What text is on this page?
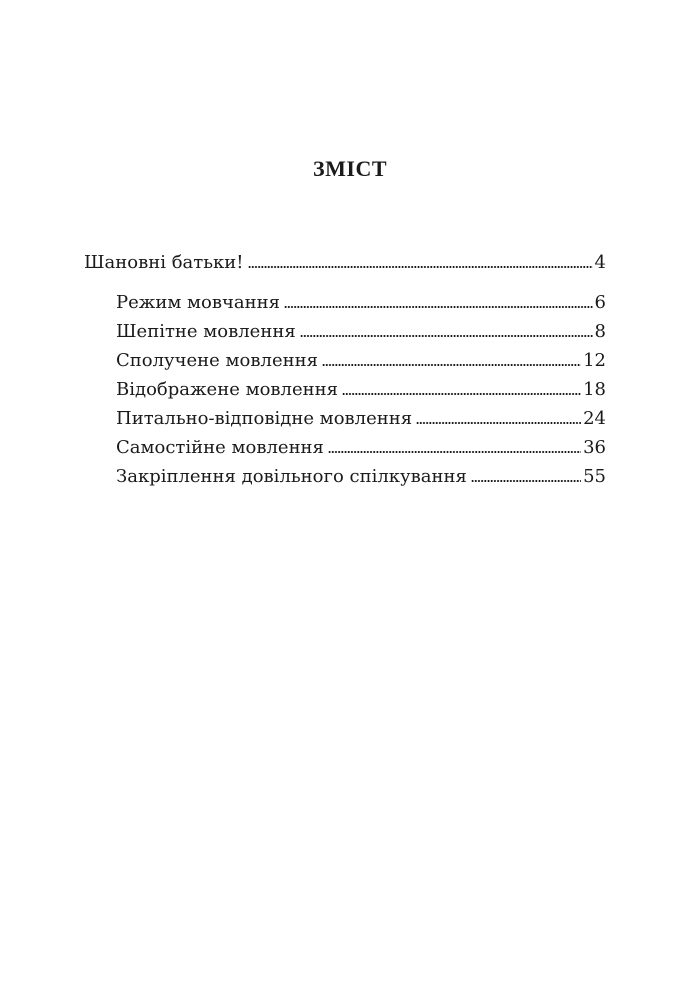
ЗМІСТ
Шановні батьки!	4
Режим мовчання	6
Шепітне мовлення	8
Сполучене мовлення	12
Відображене мовлення	18
Питально-відповідне мовлення	24
Самостійне мовлення	36
Закріплення довільного спілкування	55
